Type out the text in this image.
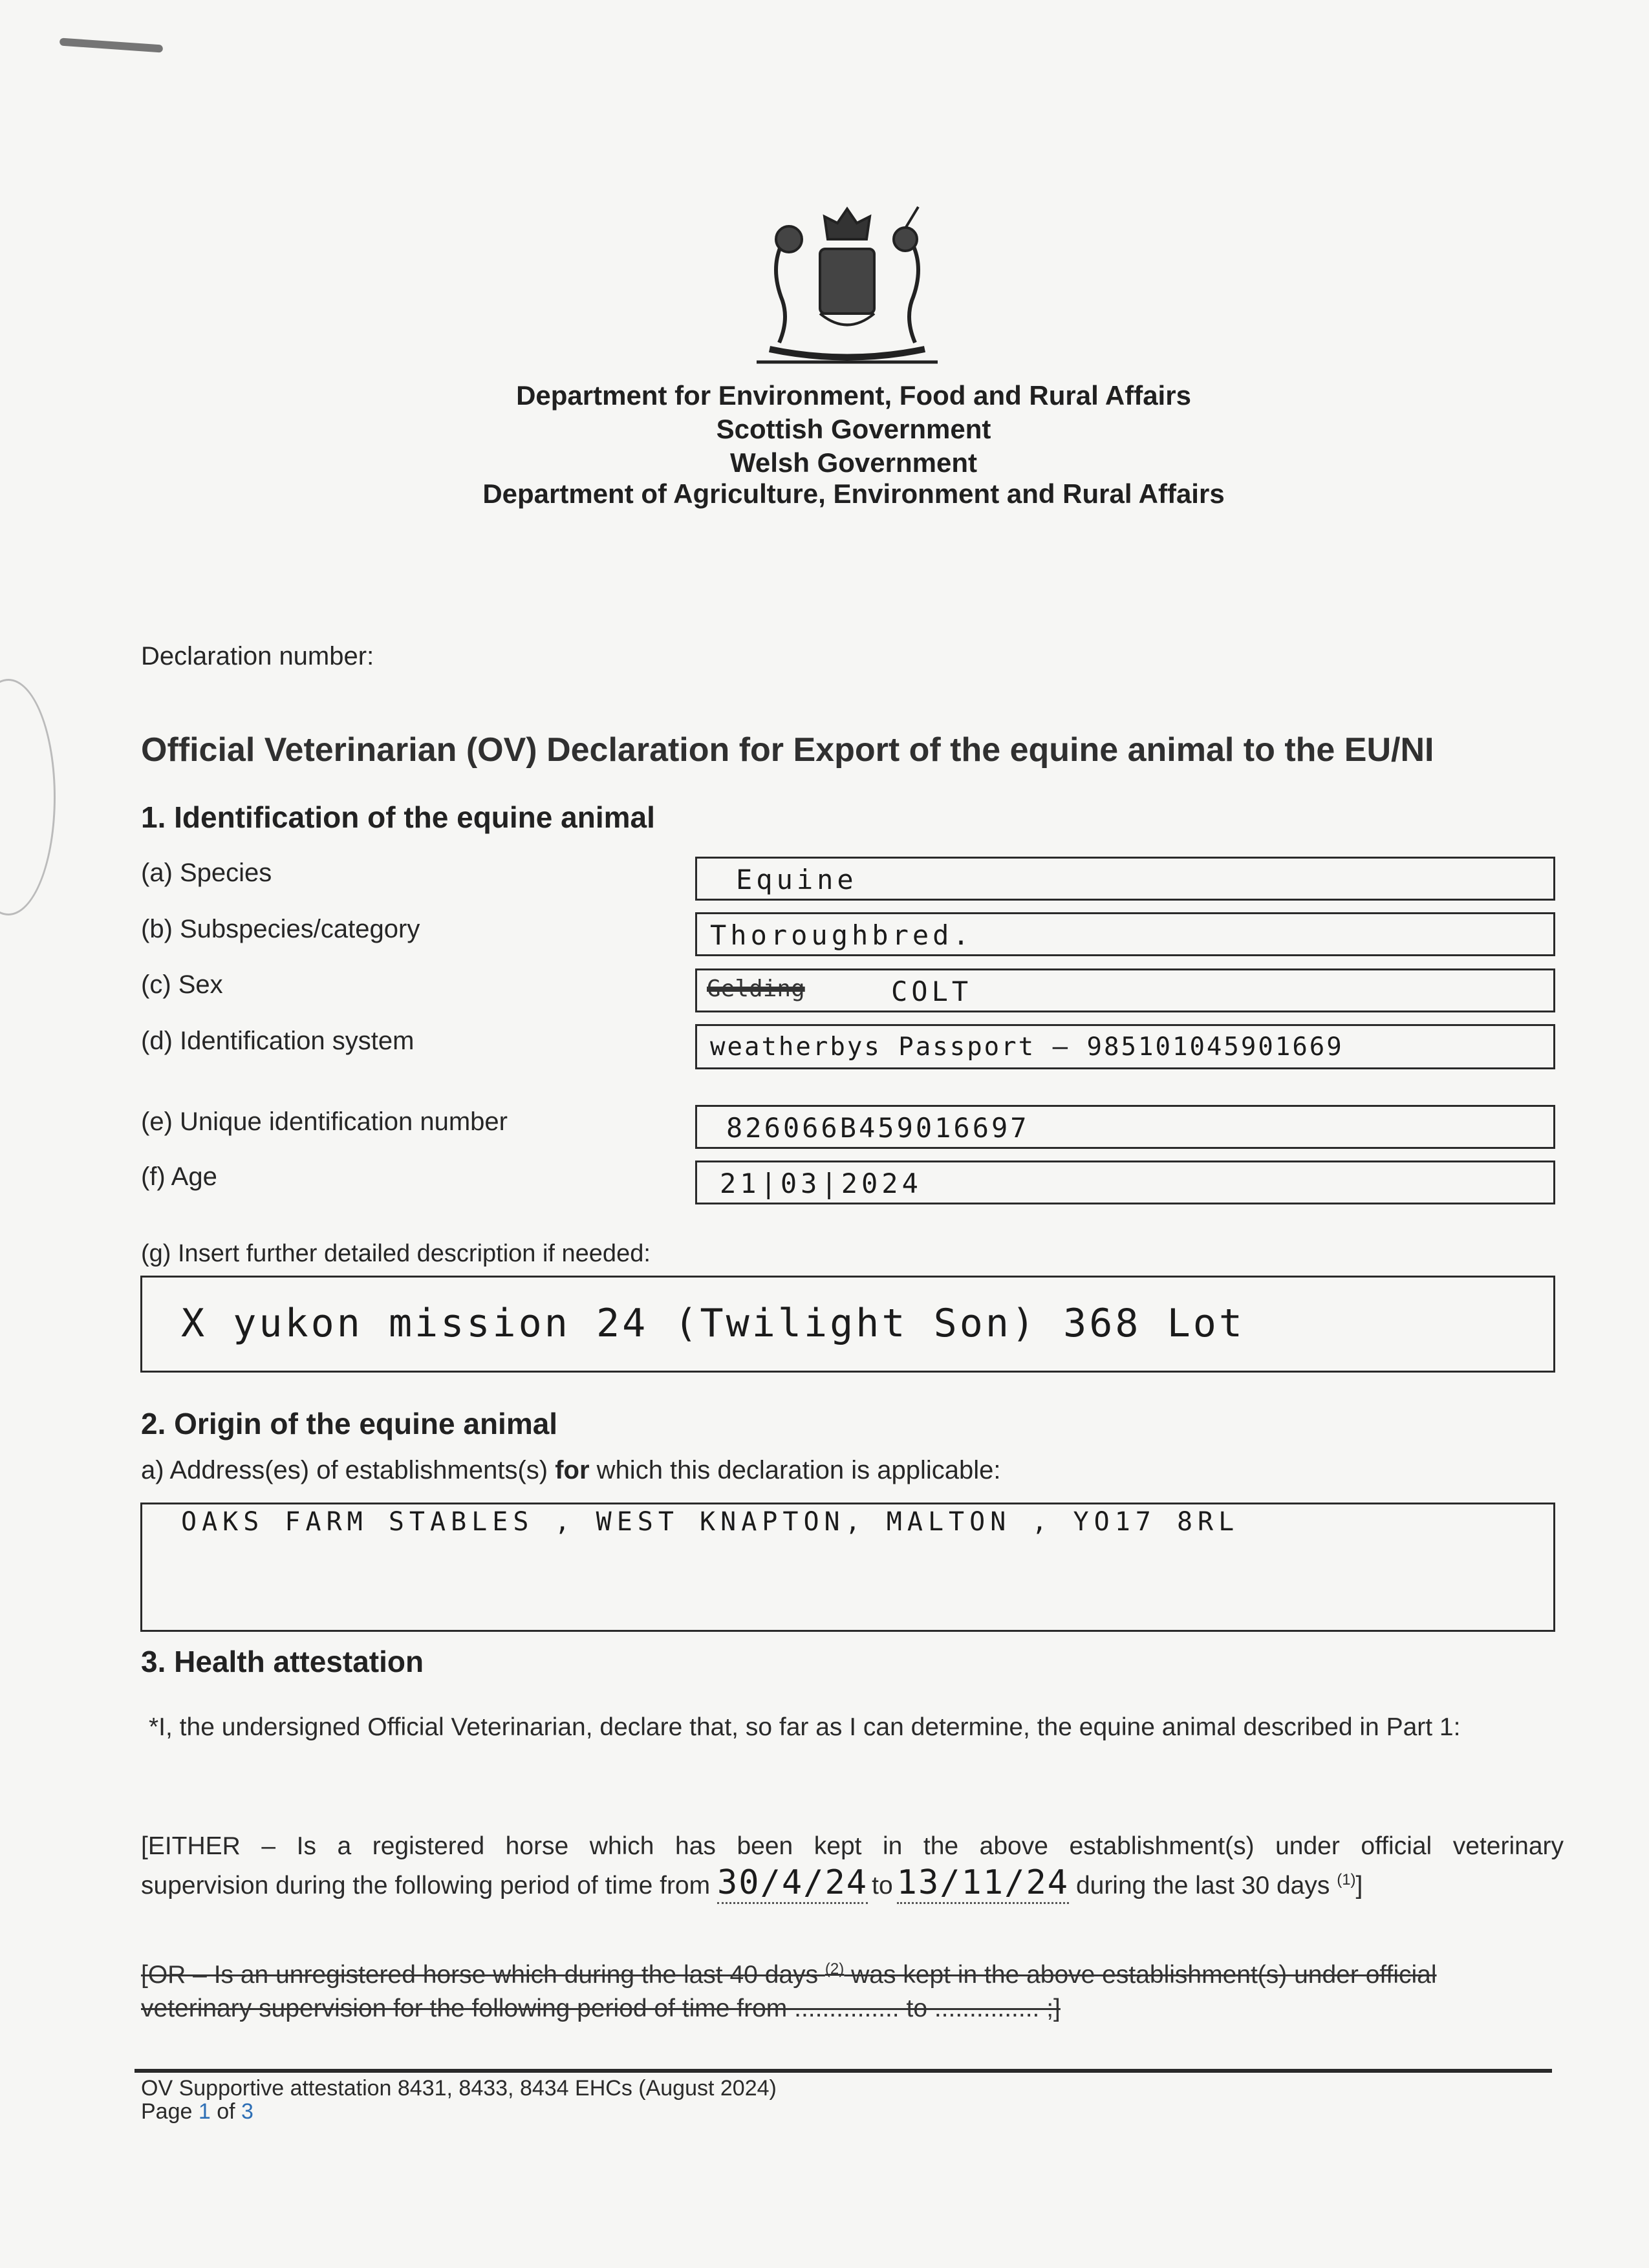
Department for Environment, Food and Rural Affairs
Scottish Government
Welsh Government
Department of Agriculture, Environment and Rural Affairs
Declaration number:
Official Veterinarian (OV) Declaration for Export of the equine animal to the EU/NI
1. Identification of the equine animal
(a) Species	Equine
(b) Subspecies/category	Thoroughbred.
(c) Sex	Gelding	COLT
(d) Identification system	weatherbys Passport – 985101045901669
(e) Unique identification number	826066B459016697
(f) Age	21|03|2024
(g) Insert further detailed description if needed:
X yukon mission 24 (Twilight Son) 368 Lot
2. Origin of the equine animal
a) Address(es) of establishments(s) for which this declaration is applicable:
OAKS FARM STABLES , WEST KNAPTON, MALTON , YO17 8RL
3. Health attestation
*I, the undersigned Official Veterinarian, declare that, so far as I can determine, the equine animal described in Part 1:
[EITHER – Is a registered horse which has been kept in the above establishment(s) under official veterinary
supervision during the following period of time from 30/4/24 to 13/11/24 during the last 30 days $^{(1)}$]
[OR – Is an unregistered horse which during the last 40 days $^{(2)}$ was kept in the above establishment(s) under official
veterinary supervision for the following period of time from ............... to ............... ;]
OV Supportive attestation 8431, 8433, 8434 EHCs (August 2024)
Page 1 of 3
